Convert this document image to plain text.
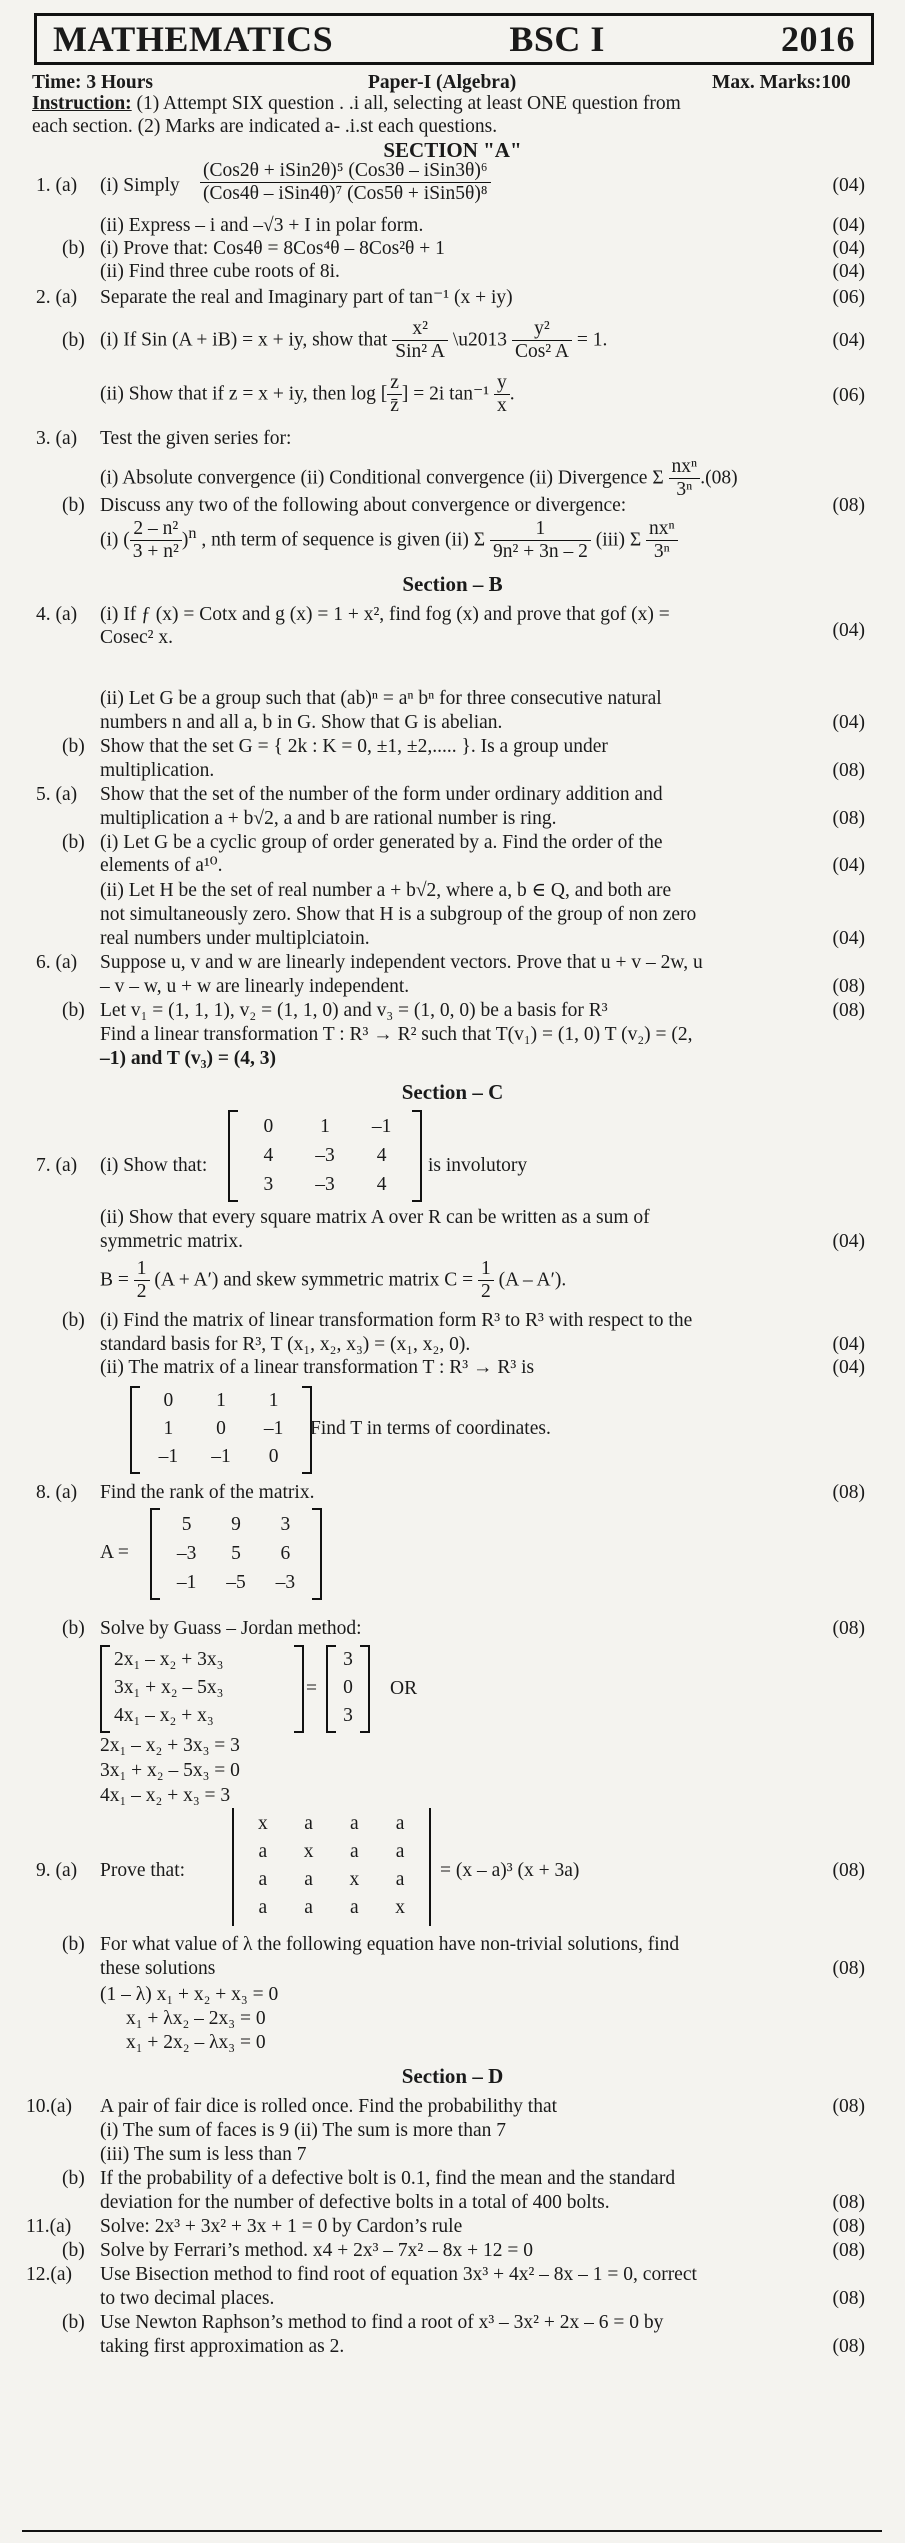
MATHEMATICS	BSC I	2016
Time: 3 Hours	Paper-I (Algebra)	Max. Marks:100
Instruction: (1) Attempt SIX question . .i all, selecting at least ONE question from
each section. (2) Marks are indicated a- .i.st each questions.
SECTION "A"
1. (a) (i) Simply $\frac{\text{(Cos2θ + iSin2θ)⁵ (Cos3θ – iSin3θ)⁶}}{\text{(Cos4θ – iSin4θ)⁷ (Cos5θ + iSin5θ)⁸}}$	(04)
(ii) Express – i and –√3 + I in polar form.	(04)
(b) (i) Prove that: Cos4θ = 8Cos⁴θ – 8Cos²θ + 1	(04)
(ii) Find three cube roots of 8i.	(04)
2. (a) Separate the real and Imaginary part of tan⁻¹ (x + iy)	(06)
(b) (i) If Sin (A + iB) = x + iy, show that $\frac{\text{x²}}{\text{Sin² A}}$ \u2013 $\frac{\text{y²}}{\text{Cos² A}} = 1$.	(04)
(ii) Show that if z = x + iy, then log [ $\frac{z}{z̄}$ ] = 2i $\tan^{-1} \frac{y}{x}$ .	(06)
3. (a) Test the given series for:
(i) Absolute convergence (ii) Conditional convergence (ii) Divergence Σ $\frac{\text{nxⁿ}}{\text{3ⁿ}} .(08)$
(b) Discuss any two of the following about convergence or divergence:	(08)
(i) ( $\frac{\text{2 – n²}}{\text{3 + n²}} )^n$ , nth term of sequence is given (ii) Σ $\frac{1}{\text{9n² + 3n – 2}} (iii)$ Σ $\frac{\text{nxⁿ}}{\text{3ⁿ}}$
Section – B
4. (a) (i) If ƒ (x) = Cotx and g (x) = 1 + x², find fog (x) and prove that gof (x) =
Cosec² x.	(04)
(ii) Let G be a group such that (ab)ⁿ = aⁿ bⁿ for three consecutive natural
numbers n and all a, b in G. Show that G is abelian.	(04)
(b) Show that the set G = { 2k : K = 0, ±1, ±2,..... }. Is a group under
multiplication.	(08)
5. (a) Show that the set of the number of the form under ordinary addition and
multiplication a + b√2, a and b are rational number is ring.	(08)
(b) (i) Let G be a cyclic group of order generated by a. Find the order of the
elements of a¹⁰.	(04)
(ii) Let H be the set of real number a + b√2, where a, b ∈ Q, and both are
not simultaneously zero. Show that H is a subgroup of the group of non zero
real numbers under multiplciatoin.	(04)
6. (a) Suppose u, v and w are linearly independent vectors. Prove that u + v – 2w, u
– v – w, u + w are linearly independent.	(08)
(b) Let v₁ = (1, 1, 1), v₂ = (1, 1, 0) and v₃ = (1, 0, 0) be a basis for R³	(08)
Find a linear transformation T : R³ → R² such that T(v₁) = (1, 0) T (v₂) = (2,
–1) and T (v₃) = (4, 3)
Section – C
7. (a) (i) Show that:
0	1	–1
4	–3	4
3	–3	4
is involutory
(ii) Show that every square matrix A over R can be written as a sum of
symmetric matrix.	(04)
$B = \frac{1}{2} (A + A')$ and skew symmetric matrix $C = \frac{1}{2} (A - A')$.
(b) (i) Find the matrix of linear transformation form R³ to R³ with respect to the
standard basis for R³, T (x₁, x₂, x₃) = (x₁, x₂, 0).	(04)
(ii) The matrix of a linear transformation T : R³ → R³ is	(04)
0	1	1
1	0	–1
–1	–1	0
Find T in terms of coordinates.
8. (a) Find the rank of the matrix.	(08)
A =
5	9	3
–3	5	6
–1	–5	–3
(b) Solve by Guass – Jordan method:	(08)
2x₁ – x₂ + 3x₃
3x₁ + x₂ – 5x₃
4x₁ – x₂ + x₃
=
3
0
3
OR
2x₁ – x₂ + 3x₃ = 3
3x₁ + x₂ – 5x₃ = 0
4x₁ – x₂ + x₃ = 3
9. (a) Prove that:
x	a	a	a
a	x	a	a
a	a	x	a
a	a	a	x
= (x – a)³ (x + 3a)	(08)
(b) For what value of λ the following equation have non-trivial solutions, find
these solutions	(08)
(1 – λ) x₁ + x₂ + x₃ = 0
x₁ + λx₂ – 2x₃ = 0
x₁ + 2x₂ – λx₃ = 0
Section – D
10.(a) A pair of fair dice is rolled once. Find the probabilithy that	(08)
(i) The sum of faces is 9 (ii) The sum is more than 7
(iii) The sum is less than 7
(b) If the probability of a defective bolt is 0.1, find the mean and the standard
deviation for the number of defective bolts in a total of 400 bolts.	(08)
11.(a) Solve: 2x³ + 3x² + 3x + 1 = 0 by Cardon’s rule	(08)
(b) Solve by Ferrari’s method. x4 + 2x³ – 7x² – 8x + 12 = 0	(08)
12.(a) Use Bisection method to find root of equation 3x³ + 4x² – 8x – 1 = 0, correct
to two decimal places.	(08)
(b) Use Newton Raphson’s method to find a root of x³ – 3x² + 2x – 6 = 0 by
taking first approximation as 2.	(08)
